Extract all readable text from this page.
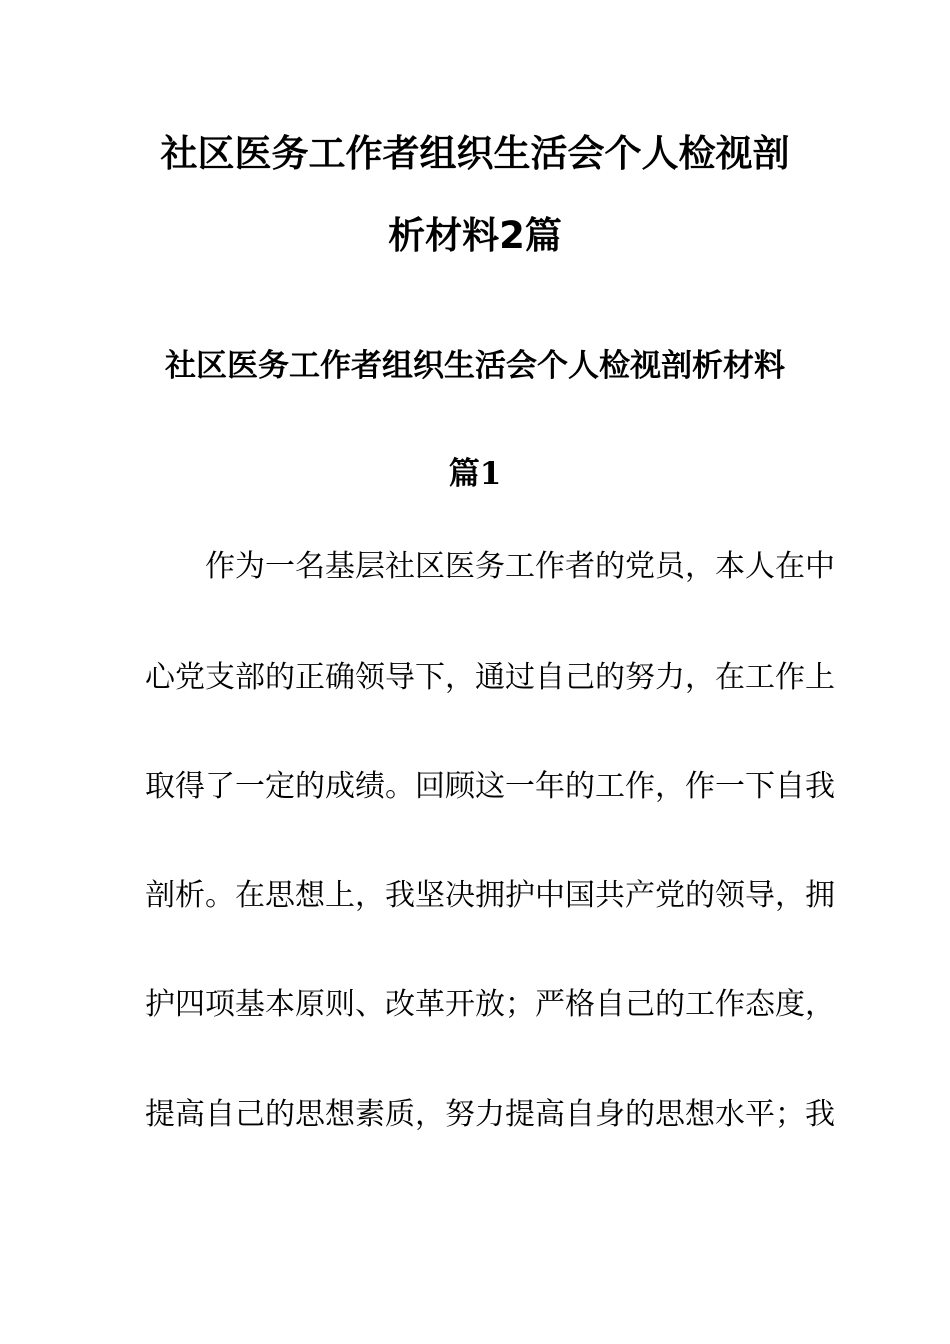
社区医务工作者组织生活会个人检视剖
析材料2篇
社区医务工作者组织生活会个人检视剖析材料
篇1
作为一名基层社区医务工作者的党员，本人在中
心党支部的正确领导下，通过自己的努力，在工作上
取得了一定的成绩。回顾这一年的工作，作一下自我
剖析。在思想上，我坚决拥护中国共产党的领导，拥
护四项基本原则、改革开放；严格自己的工作态度，
提高自己的思想素质，努力提高自身的思想水平；我
